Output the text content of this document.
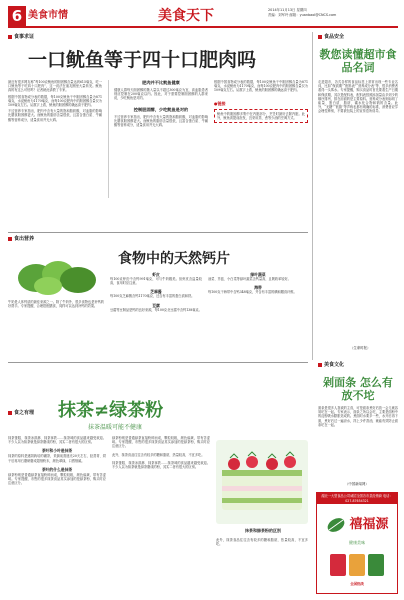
6 美食市情	美食天下	2014年11月13日 星期四
责编：刘军玲 邮箱：yuanbaol@CNCS.com
食事求证
一口鱿鱼等于四十口肥肉吗

最近有很多网友称“每100克鱿鱼的胆固醇含量达到615毫克，吃一口鱿鱼等于吃四十口肥肉”，这一说法在朋友圈里大量转发。鱿鱼真的有这么可怕吗？记者就此请教了专家。

根据中国食物成分表的数据，每100克鱿鱼干中胆固醇含量为871毫克，水浸鱿鱼为1170毫克，而每100克肥肉中的胆固醇含量仅为109毫克左右。从数字上看，鱿鱼的胆固醇的确远高于肥肉。

不过营养专家指出，肥肉中含有大量的饱和脂肪酸，对血脂的影响比膳食胆固醇更大。而鱿鱼的脂肪含量很低，且富含蛋白质、牛磺酸等营养成分，适量食用并无大碍。

肥肉并不比鱿鱼健康

健康人群每天胆固醇的摄入量以不超过300毫克为宜，高血脂患者则应控制在200毫克以内。因此，对于需要控制胆固醇的人群来说，少吃鱿鱼是对的。

控制胆固醇，少吃鱿鱼是对的

不过营养专家指出，肥肉中含有大量的饱和脂肪酸，对血脂的影响比膳食胆固醇更大。而鱿鱼的脂肪含量很低，且富含蛋白质、牛磺酸等营养成分，适量食用并无大碍。

根据中国食物成分表的数据，每100克鱿鱼干中胆固醇含量为871毫克，水浸鱿鱼为1170毫克，而每100克肥肉中的胆固醇含量仅为109毫克左右。从数字上看，鱿鱼的胆固醇的确远高于肥肉。

●链接

鱿鱼中的胆固醇多集中在内脏部分，烹饪时最好去除内脏。此外，鱿鱼须提前泡发，宜采用蒸、煮等少油的烹调方式。

食品安全
教您读懂超市食品名词
走进超市，各式各样的食品标签上常常出现一些专业名词，比如“保质期”“配料表”“营养成分表”等，很多消费者看得一头雾水。专家提醒，购买食品时首先要看生产日期和保质期，其次是配料表，配料表按照添加量由多到少的顺序排列，排在前面的是主要原料。营养成分表则标明了能量、蛋白质、脂肪、碳水化合物和钠的含量。此外，“无糖”“低脂”等声称也都有明确的标准，消费者应学会理性辨别，不要被包装上的宣传语所误导。
（生命时报）
食出营养
食物中的天然钙片
牛奶是人体钙质的最佳来源之一。除了牛奶外，很多食物也是补钙的好帮手。专家提醒，合理搭配膳食，同样可以达到补钙的效果。
虾皮

每100克虾皮中含钙991毫克，可与牛奶媲美。但虾皮含盐量较高，食用时应注意。

芝麻酱

每100克芝麻酱含钙1170毫克，还含有丰富的蛋白质和铁。

豆腐

豆腐等豆制品是钙的良好来源，每100克北豆腐中含钙138毫克。

绿叶蔬菜

油菜、芥蓝、小白菜等绿叶蔬菜含钙量高，且吸收率较好。

海带

每100克干海带中含钙348毫克，并含有丰富的碘和膳食纤维。

美食文化
剁面条 怎么有放不坨
面条是很多人喜欢的主食，可是面条煮好后放一会儿就容易坨在一起。专家表示，面条之所以会坨，主要是面粉中的淀粉吸水膨胀造成的。煮面时水要多一些，水开后再下面，煮好后过一遍凉水，拌上少许香油，就能有效防止面条坨在一起。
（中国新闻网）
食之有理 抹茶≠绿茶粉
抹茶温暖可能不健康

抹茶蛋糕、抹茶冰淇淋、抹茶拿铁……抹茶味的食品越来越受欢迎。不少人以为抹茶就是绿茶磨成的粉，其实二者有很大的区别。

茶叶和小叶是抹茶

抹茶的原料是遮阴栽培的碾茶，采摘前需遮光20天左右，经蒸青、烘干后再用石磨研磨成超细粉末，颜色翠绿，口感细腻。

茶叶的什么是抹茶

绿茶粉则是普通绿茶直接粉碎而成，颗粒较粗，颜色偏黄，带有苦涩味。专家提醒，市售的很多抹茶食品其实添加的是绿茶粉，购买时应注意区分。

绿茶粉则是普通绿茶直接粉碎而成，颗粒较粗，颜色偏黄，带有苦涩味。专家提醒，市售的很多抹茶食品其实添加的是绿茶粉，购买时应注意区分。

此外，抹茶食品往往含有较多的糖和脂肪，热量较高，不宜多吃。

抹茶蛋糕、抹茶冰淇淋、抹茶拿铁……抹茶味的食品越来越受欢迎。不少人以为抹茶就是绿茶磨成的粉，其实二者有很大的区别。

抹茶和绿茶粉的区别
此外，抹茶食品往往含有较多的糖和脂肪，热量较高，不宜多吃。
湖北一大型食品公司诚招全国各市县经销商 电话：027-87654321
禧福源
健康美味
全国热线
